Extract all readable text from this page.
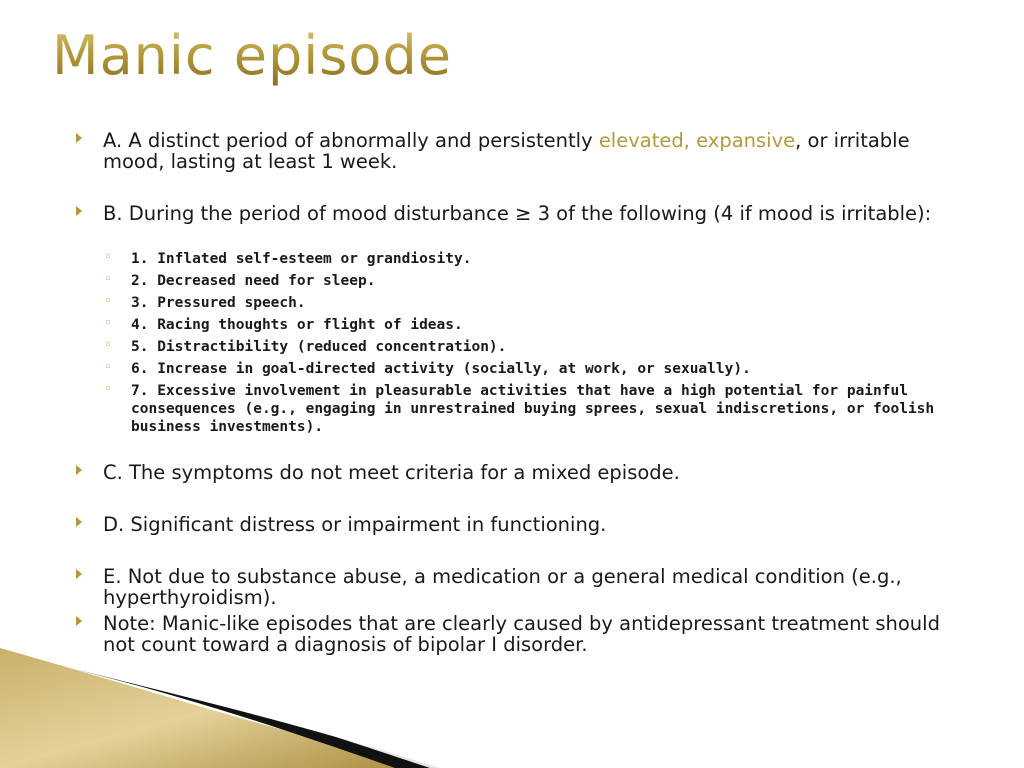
Manic episode
A. A distinct period of abnormally and persistently elevated, expansive, or irritable mood, lasting at least 1 week.
B. During the period of mood disturbance ≥ 3 of the following (4 if mood is irritable):
◦ 1. Inflated self-esteem or grandiosity.
◦ 2. Decreased need for sleep.
◦ 3. Pressured speech.
◦ 4. Racing thoughts or flight of ideas.
◦ 5. Distractibility (reduced concentration).
◦ 6. Increase in goal-directed activity (socially, at work, or sexually).
◦ 7. Excessive involvement in pleasurable activities that have a high potential for painful consequences (e.g., engaging in unrestrained buying sprees, sexual indiscretions, or foolish business investments).
C. The symptoms do not meet criteria for a mixed episode.
D. Significant distress or impairment in functioning.
E. Not due to substance abuse, a medication or a general medical condition (e.g., hyperthyroidism).
Note: Manic-like episodes that are clearly caused by antidepressant treatment should not count toward a diagnosis of bipolar I disorder.
